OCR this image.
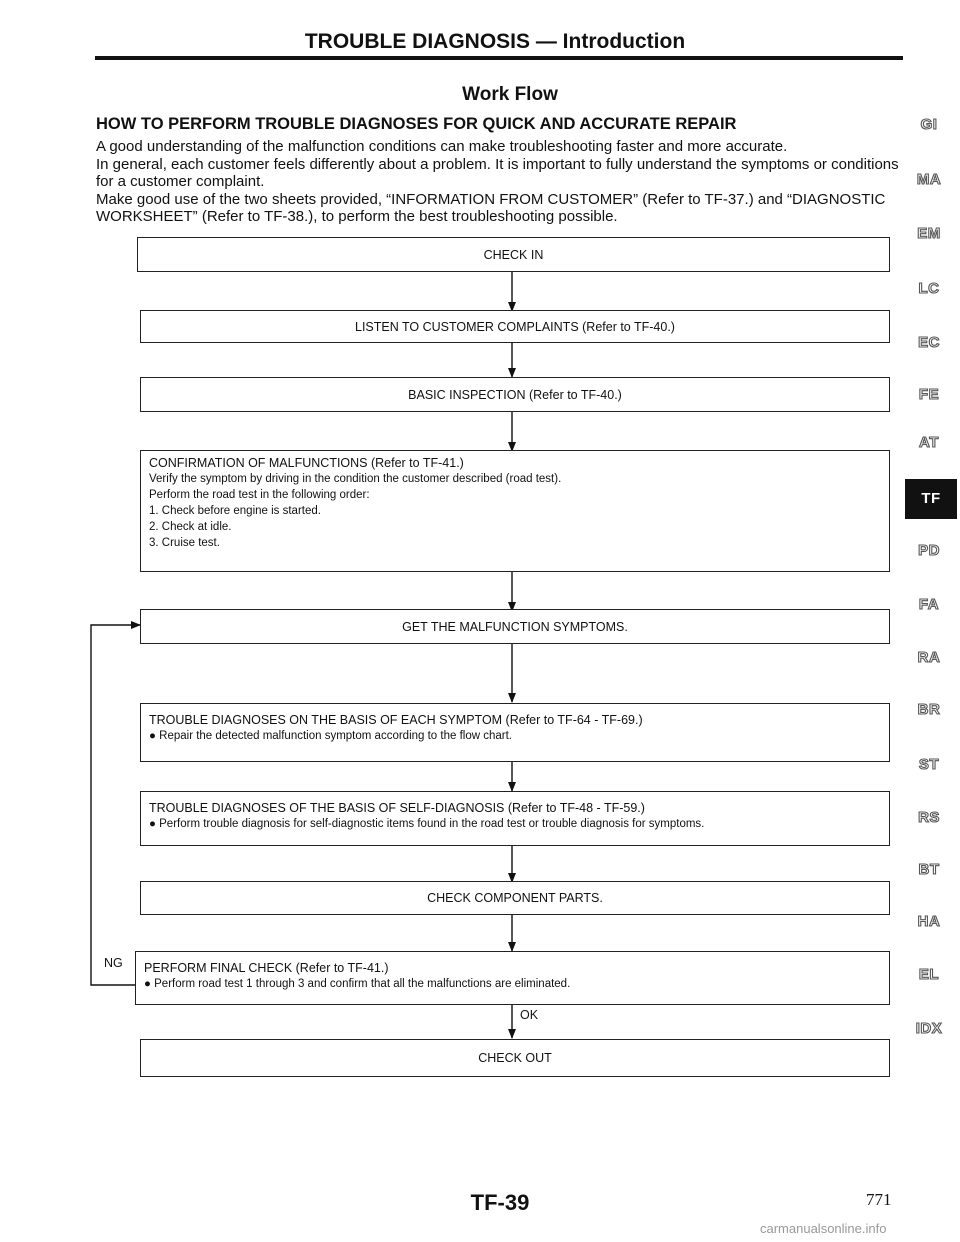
TROUBLE DIAGNOSIS — Introduction
Work Flow
HOW TO PERFORM TROUBLE DIAGNOSES FOR QUICK AND ACCURATE REPAIR

A good understanding of the malfunction conditions can make troubleshooting faster and more accurate.

In general, each customer feels differently about a problem. It is important to fully understand the symptoms or conditions for a customer complaint.

Make good use of the two sheets provided, “INFORMATION FROM CUSTOMER” (Refer to TF-37.) and “DIAGNOSTIC WORKSHEET” (Refer to TF-38.), to perform the best troubleshooting possible.

CHECK IN
LISTEN TO CUSTOMER COMPLAINTS (Refer to TF-40.)
BASIC INSPECTION (Refer to TF-40.)
CONFIRMATION OF MALFUNCTIONS (Refer to TF-41.)
Verify the symptom by driving in the condition the customer described (road test).
Perform the road test in the following order:
1. Check before engine is started.
2. Check at idle.
3. Cruise test.
GET THE MALFUNCTION SYMPTOMS.
TROUBLE DIAGNOSES ON THE BASIS OF EACH SYMPTOM (Refer to TF-64 - TF-69.)
● Repair the detected malfunction symptom according to the flow chart.
TROUBLE DIAGNOSES OF THE BASIS OF SELF-DIAGNOSIS (Refer to TF-48 - TF-59.)
● Perform trouble diagnosis for self-diagnostic items found in the road test or trouble diagnosis for symptoms.
CHECK COMPONENT PARTS.
PERFORM FINAL CHECK (Refer to TF-41.)
● Perform road test 1 through 3 and confirm that all the malfunctions are eliminated.
NG
OK
CHECK OUT
GI
MA
EM
LC
EC
FE
AT
TF
PD
FA
RA
BR
ST
RS
BT
HA
EL
IDX
TF-39	771
carmanualsonline.info
